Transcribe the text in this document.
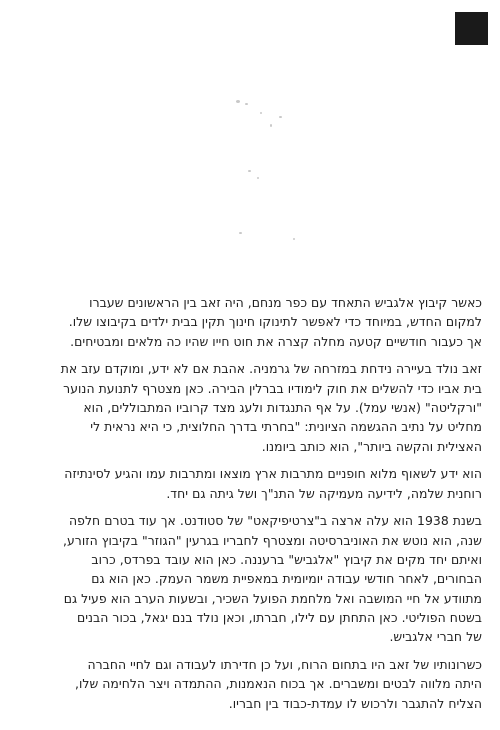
כאשר קיבוץ אלגביש התאחד עם כפר מנחם, היה זאב בין הראשונים שעברו
למקום החדש, במיוחד כדי לאפשר לתינוקו חינוך תקין בבית ילדים בקיבוצו שלו.
אך כעבור חודשיים קטעה מחלה קצרה את חוט חייו שהיו כה מלאים ומבטיחים.

זאב נולד בעיירה נידחת במזרחה של גרמניה. אהבת אם לא ידע, ומוקדם עזב את
בית אביו כדי להשלים את חוק לימודיו בברלין הבירה. כאן מצטרף לתנועת הנוער
"ורקליטה" (אנשי עמל). על אף התנגדות ולעג מצד קרוביו המתבוללים, הוא
מחליט על נתיב ההגשמה הציונית: "בחרתי בדרך החלוצית, כי היא נראית לי
האצילית והקשה ביותר", הוא כותב ביומנו.

הוא ידע לשאוף מלוא חופניים מתרבות ארץ מוצאו ומתרבות עמו והגיע לסינתיזה
רוחנית שלמה, לידיעה מעמיקה של התנ"ך ושל גיתה גם יחד.

בשנת 1938 הוא עלה ארצה ב"צרטיפיקאט" של סטודנט. אך עוד בטרם חלפה
שנה, הוא נוטש את האוניברסיטה ומצטרף לחבריו בגרעין "הגוזר" בקיבוץ הזורע,
ואיתם יחד מקים את קיבוץ "אלגביש" ברעננה. כאן הוא עובד בפרדס, כרוב
הבחורים, לאחר חודשי עבודה יומיומית במאפיית משמר העמק. כאן הוא גם
מתוודע אל חיי המושבה ואל מלחמת הפועל השכיר, ובשעות הערב הוא פעיל גם
בשטח הפוליטי. כאן התחתן עם לילו, חברתו, וכאן נולד בנם יגאל, בכור הבנים
של חברי אלגביש.

כשרונותיו של זאב היו בתחום הרוח, ועל כן חדירתו לעבודה וגם לחיי החברה
היתה מלווה לבטים ומשברים. אך בכוח הנאמנות, ההתמדה ויצר הלחימה שלו,
הצליח להתגבר ולרכוש לו עמדת-כבוד בין חבריו.
